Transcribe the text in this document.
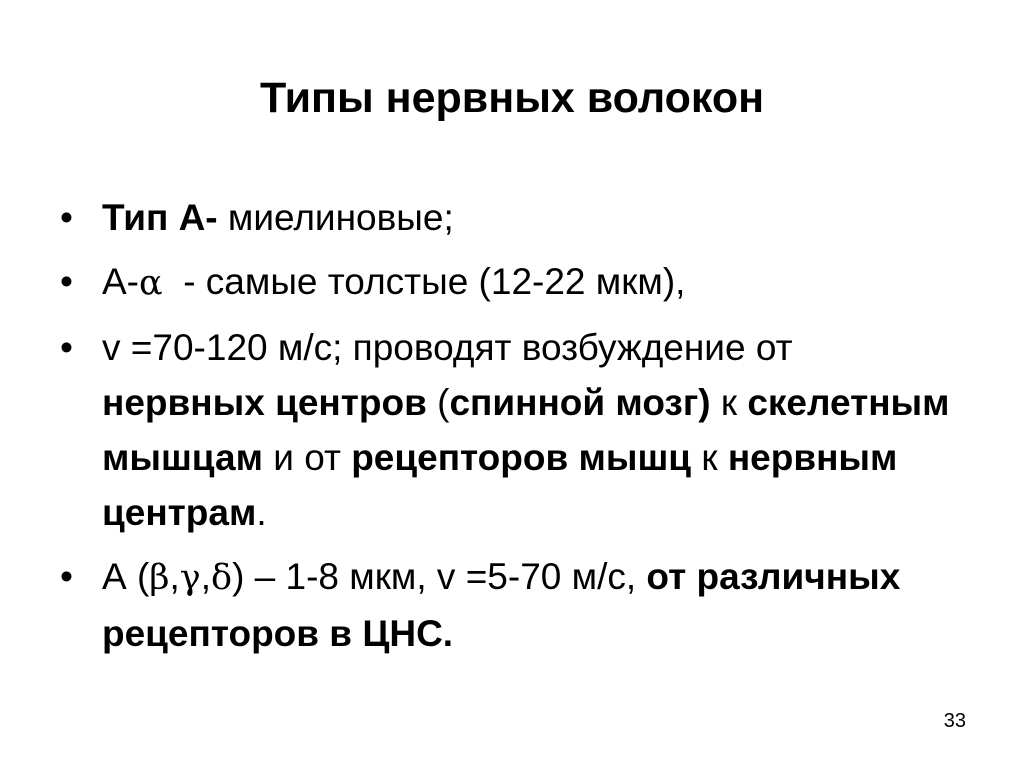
Типы нервных волокон
• Тип А- миелиновые;
• А-α  - самые толстые (12-22 мкм),
• v =70-120 м/с; проводят возбуждение от нервных центров (спинной мозг) к скелетным мышцам и от рецепторов мышц к нервным центрам.
• А (β,γ,δ) – 1-8 мкм, v =5-70 м/с, от различных рецепторов в ЦНС.
33
